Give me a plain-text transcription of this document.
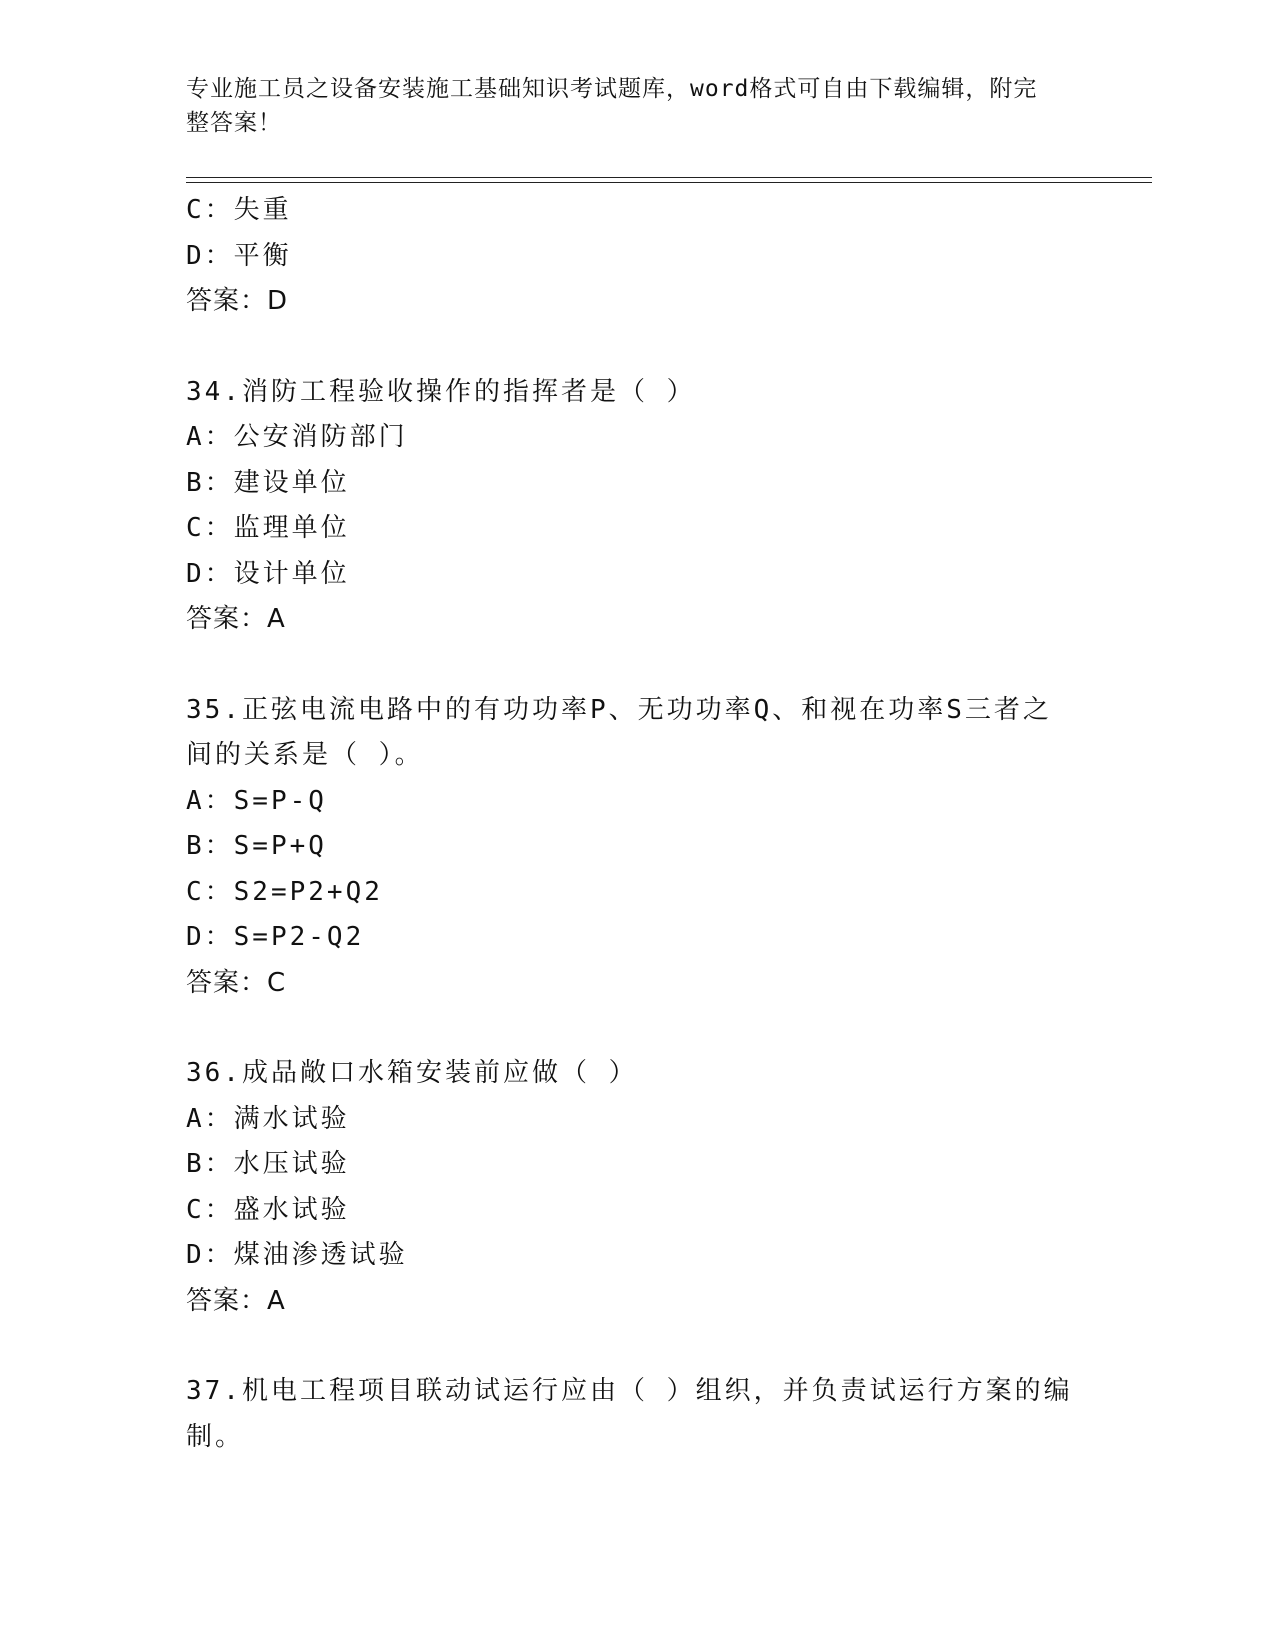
专业施工员之设备安装施工基础知识考试题库，word格式可自由下载编辑，附完
整答案！
C：失重
D：平衡
答案：D
34.消防工程验收操作的指挥者是（ ）
A：公安消防部门
B：建设单位
C：监理单位
D：设计单位
答案：A
35.正弦电流电路中的有功功率P、无功功率Q、和视在功率S三者之
间的关系是（ ）。
A：S=P-Q
B：S=P+Q
C：S2=P2+Q2
D：S=P2-Q2
答案：C
36.成品敞口水箱安装前应做（ ）
A：满水试验
B：水压试验
C：盛水试验
D：煤油渗透试验
答案：A
37.机电工程项目联动试运行应由（ ）组织，并负责试运行方案的编
制。
